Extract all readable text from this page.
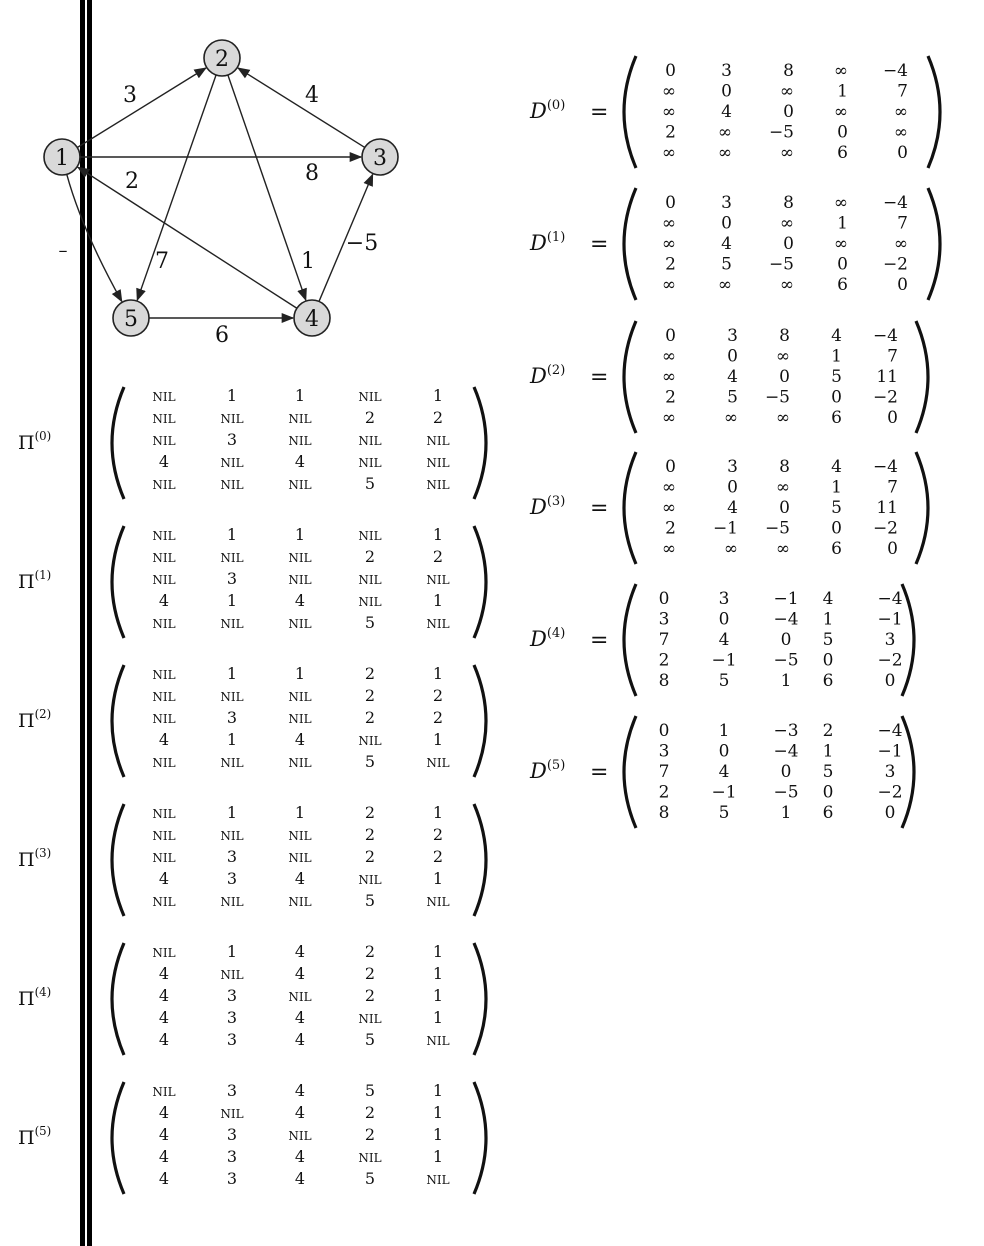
3
8
2
4
7	1
−5
6
1
2
3
4
5
–
$D^{(0)}$ =
0	3	8 ∞ −4
∞	0	∞	1	7
∞	4	0 ∞	∞
2 ∞ −5	0	∞
∞ ∞	∞	6	0
$D^{(1)}$ =
0	3	8 ∞ −4
∞	0	∞	1	7
∞	4	0 ∞	∞
2	5 −5	0 −2
∞ ∞	∞	6	0
$D^{(2)}$ =
0	3 8 4 −4
∞	0 ∞ 1	7
∞	4 0 5 11
2	5 −5 0 −2
∞	∞ ∞ 6	0
$D^{(3)}$ =
0	3 8 4 −4
∞	0 ∞ 1	7
∞	4 0 5 11
2 −1 −5 0 −2
∞	∞ ∞ 6	0
$D^{(4)}$ =
0	3	−1 4	−4
3	0	−4 1	−1
7	4	0 5	3
2 −1 −5 0	−2
8	5	1 6	0
$D^{(5)}$ =
0	1	−3 2	−4
3	0	−4 1	−1
7	4	0 5	3
2 −1 −5 0	−2
8	5	1 6	0
$\Pi^{(0)}$
NIL	1	1	NIL	1
NIL	NIL	NIL	2	2
NIL	3	NIL	NIL	NIL
4	NIL	4	NIL	NIL
NIL	NIL	NIL	5	NIL
$\Pi^{(1)}$
NIL	1	1	NIL	1
NIL	NIL	NIL	2	2
NIL	3	NIL	NIL	NIL
4	1	4	NIL	1
NIL	NIL	NIL	5	NIL
$\Pi^{(2)}$
NIL	1	1	2	1
NIL	NIL	NIL	2	2
NIL	3	NIL	2	2
4	1	4	NIL	1
NIL	NIL	NIL	5	NIL
$\Pi^{(3)}$
NIL	1	1	2	1
NIL	NIL	NIL	2	2
NIL	3	NIL	2	2
4	3	4	NIL	1
NIL	NIL	NIL	5	NIL
$\Pi^{(4)}$
NIL	1	4	2	1
4	NIL	4	2	1
4	3	NIL	2	1
4	3	4	NIL	1
4	3	4	5	NIL
$\Pi^{(5)}$
NIL	3	4	5	1
4	NIL	4	2	1
4	3	NIL	2	1
4	3	4	NIL	1
4	3	4	5	NIL
